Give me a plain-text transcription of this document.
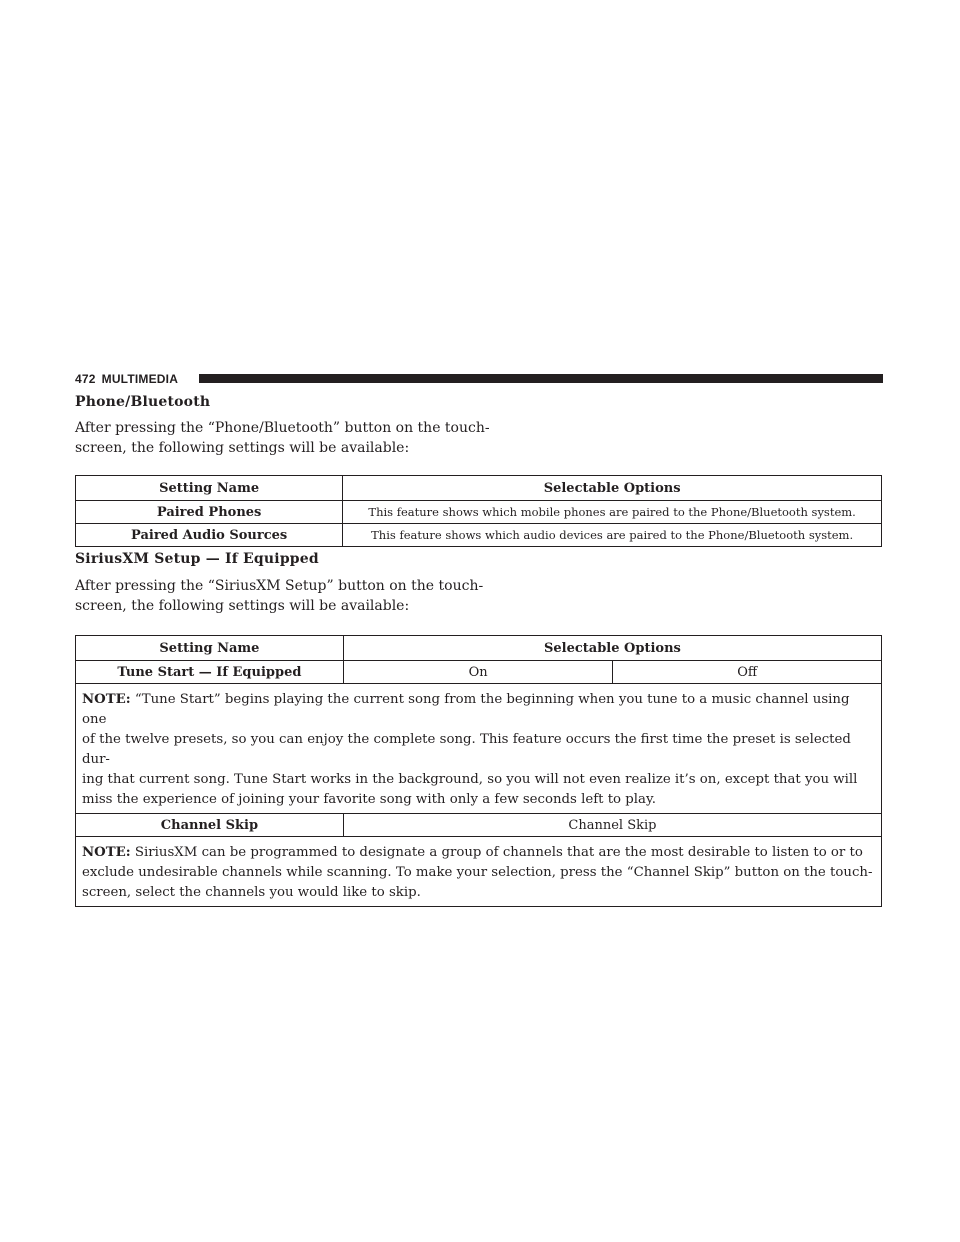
472 MULTIMEDIA
Phone/Bluetooth
After pressing the “Phone/Bluetooth” button on the touch-
screen, the following settings will be available:
Setting Name	Selectable Options
Paired Phones	This feature shows which mobile phones are paired to the Phone/Bluetooth system.
Paired Audio Sources	This feature shows which audio devices are paired to the Phone/Bluetooth system.
SiriusXM Setup — If Equipped
After pressing the “SiriusXM Setup” button on the touch-
screen, the following settings will be available:
Setting Name	Selectable Options	
Tune Start — If Equipped	On	Off

NOTE: “Tune Start” begins playing the current song from the beginning when you tune to a music channel using one
of the twelve presets, so you can enjoy the complete song. This feature occurs the first time the preset is selected dur-
ing that current song. Tune Start works in the background, so you will not even realize it’s on, except that you will
miss the experience of joining your favorite song with only a few seconds left to play.		

Channel Skip	Channel Skip	

NOTE: SiriusXM can be programmed to designate a group of channels that are the most desirable to listen to or to
exclude undesirable channels while scanning. To make your selection, press the “Channel Skip” button on the touch-
screen, select the channels you would like to skip.		
